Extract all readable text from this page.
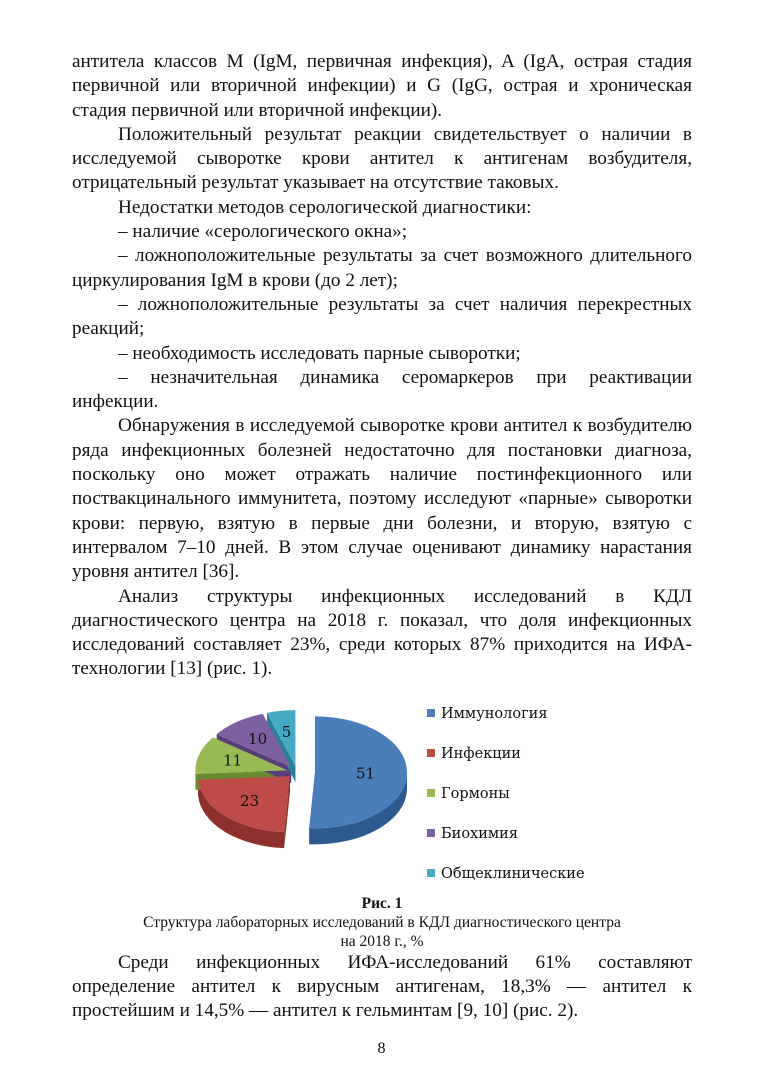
антитела классов M (IgM, первичная инфекция), A (IgA, острая стадия первичной или вторичной инфекции) и G (IgG, острая и хроническая стадия первичной или вторичной инфекции).

Положительный результат реакции свидетельствует о наличии в исследуемой сыворотке крови антител к антигенам возбудителя, отрицательный результат указывает на отсутствие таковых.

Недостатки методов серологической диагностики:

– наличие «серологического окна»;

– ложноположительные результаты за счет возможного длительного циркулирования IgM в крови (до 2 лет);

– ложноположительные результаты за счет наличия перекрестных реакций;

– необходимость исследовать парные сыворотки;

– незначительная динамика серомаркеров при реактивации инфекции.

Обнаружения в исследуемой сыворотке крови антител к возбудителю ряда инфекционных болезней недостаточно для постановки диагноза, поскольку оно может отражать наличие постинфекционного или поствакцинального иммунитета, поэтому исследуют «парные» сыворотки крови: первую, взятую в первые дни болезни, и вторую, взятую с интервалом 7–10 дней. В этом случае оценивают динамику нарастания уровня антител [36].

Анализ структуры инфекционных исследований в КДЛ диагностического центра на 2018 г. показал, что доля инфекционных исследований составляет 23%, среди которых 87% приходится на ИФА-технологии [13] (рис. 1).

51
23
11
10 5
Иммунология
Инфекции
Гормоны
Биохимия
Общеклинические
Рис. 1
Структура лабораторных исследований в КДЛ диагностического центра
на 2018 г., %

Среди инфекционных ИФА-исследований 61% составляют определение антител к вирусным антигенам, 18,3% — антител к простейшим и 14,5% — антител к гельминтам [9, 10] (рис. 2).

8
